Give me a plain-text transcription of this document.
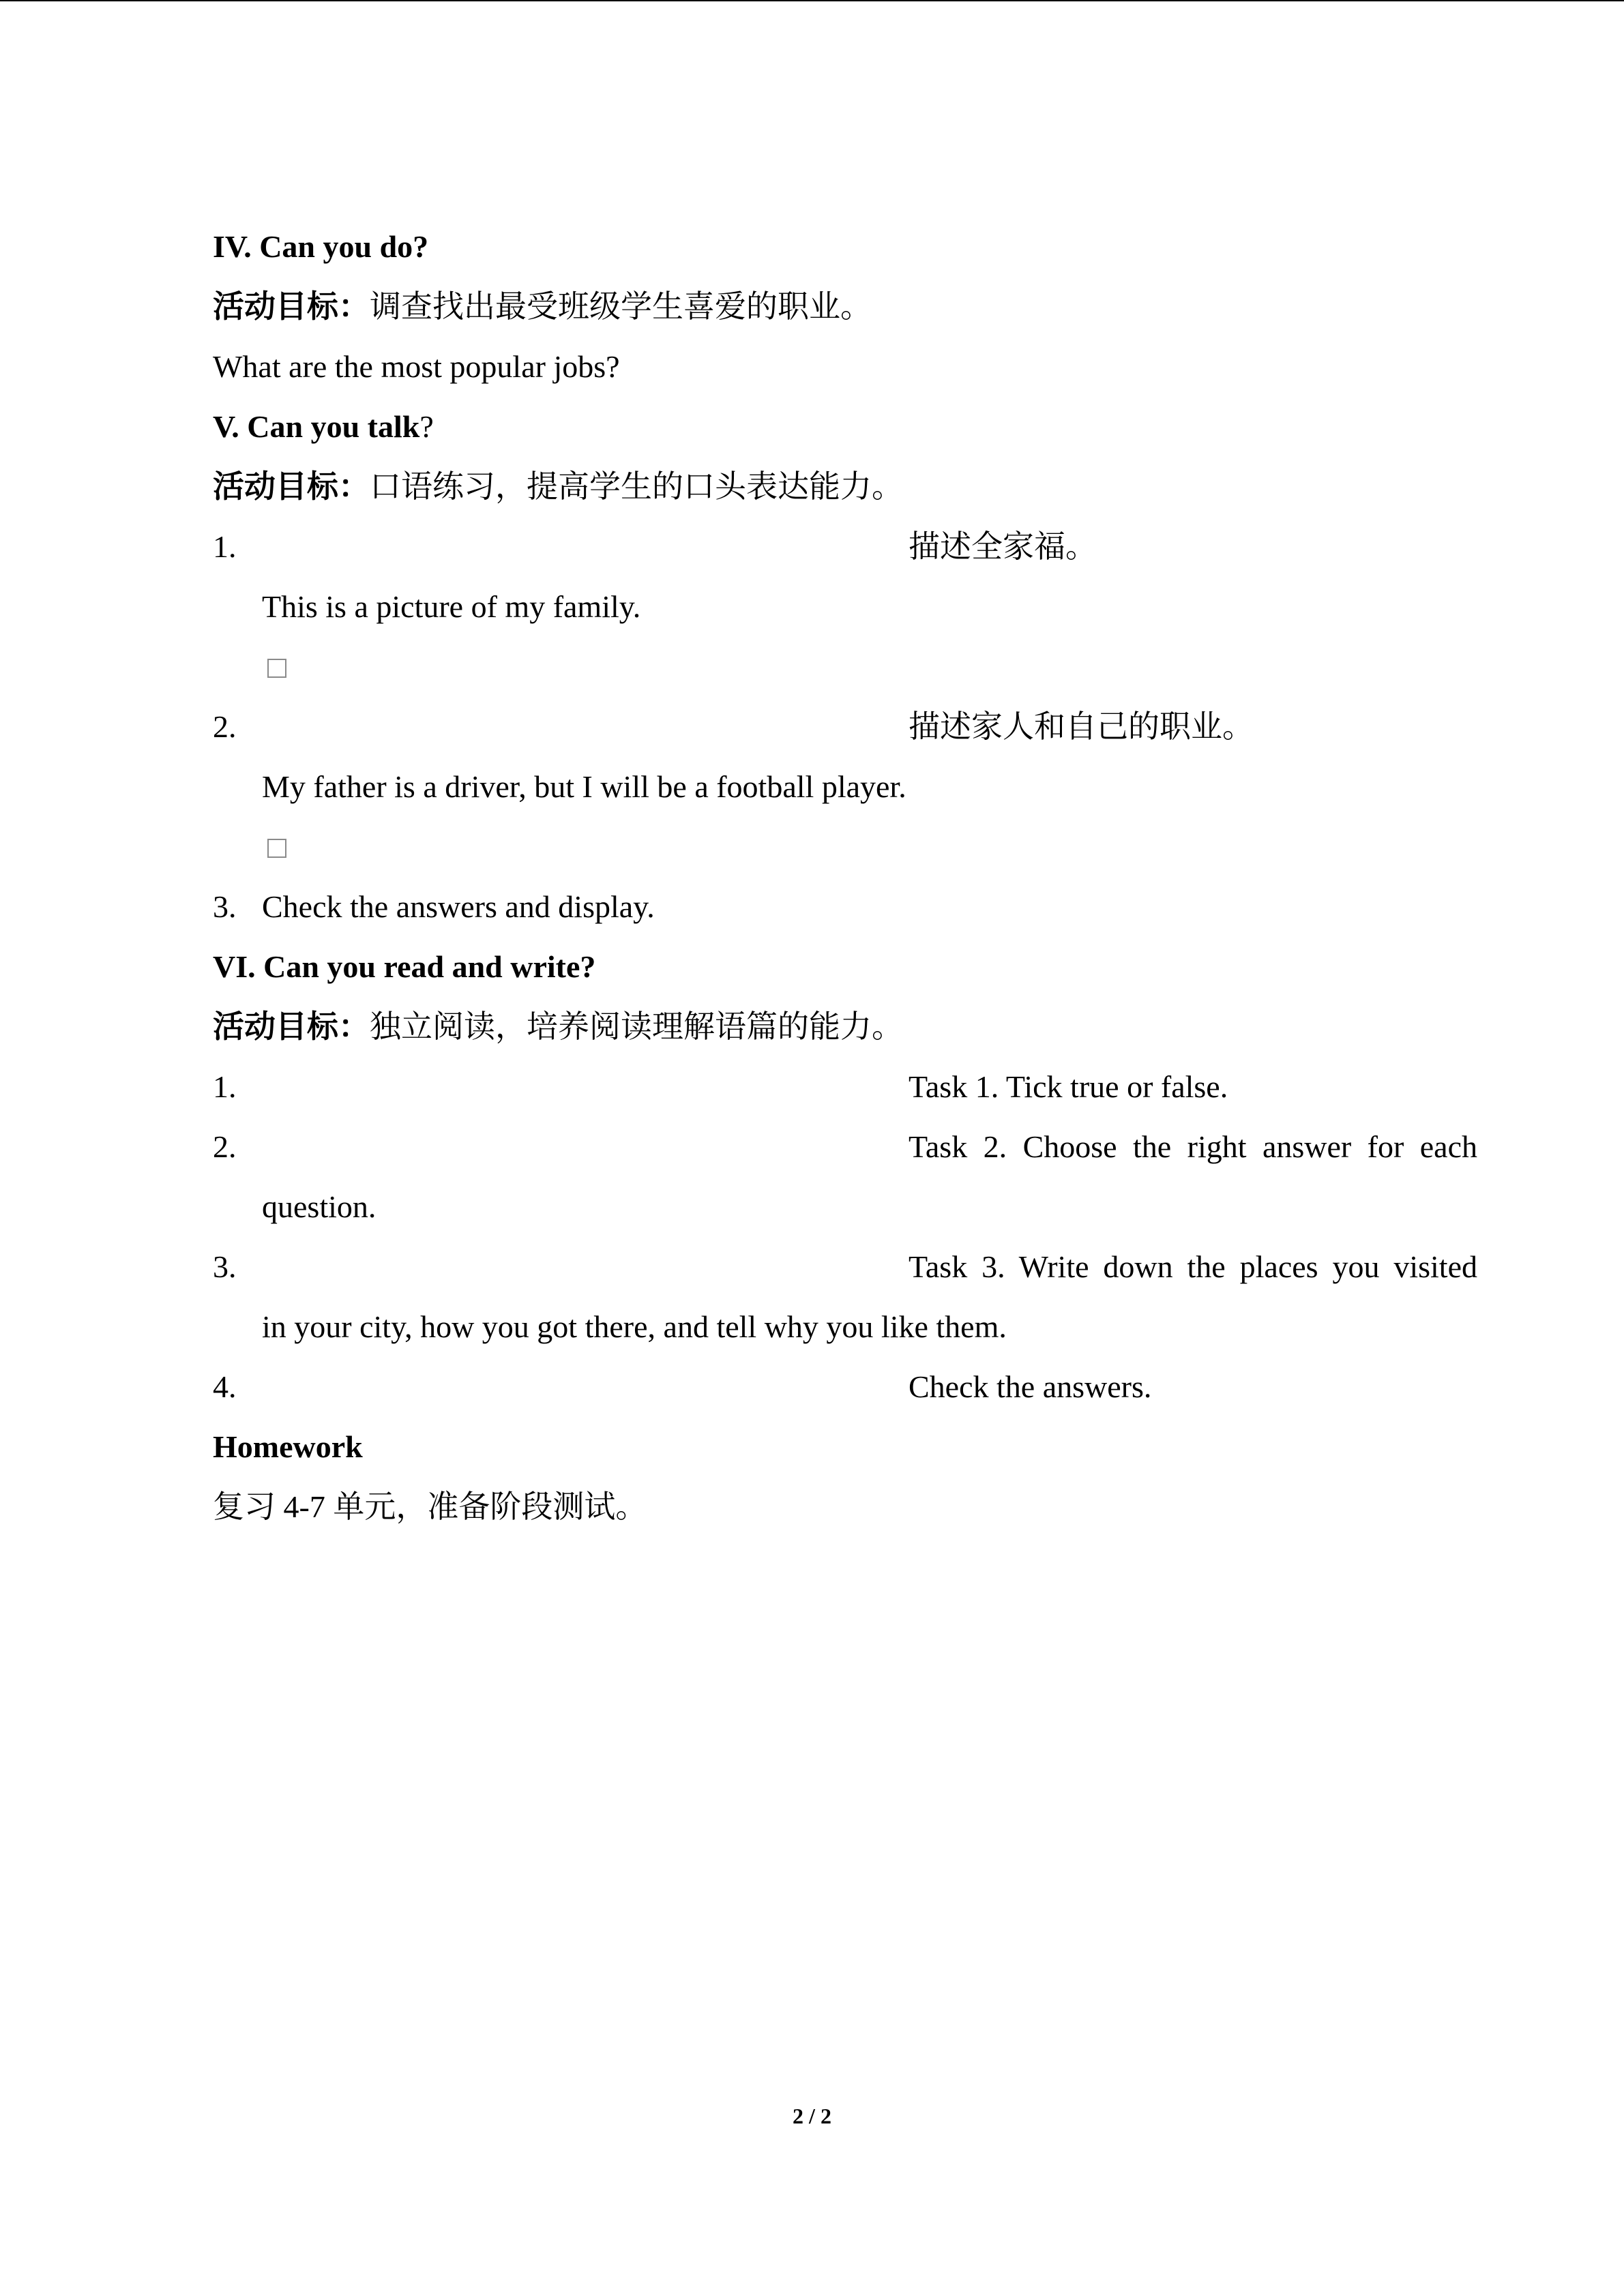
IV. Can you do?
活动目标：调查找出最受班级学生喜爱的职业。
What are the most popular jobs?
V. Can you talk?
活动目标：口语练习，提高学生的口头表达能力。
1.	描述全家福。
This is a picture of my family.
2.	描述家人和自己的职业。
My father is a driver, but I will be a football player.
3. Check the answers and display.
VI. Can you read and write?
活动目标：独立阅读，培养阅读理解语篇的能力。
1.	Task 1. Tick true or false.
2.	Task 2. Choose the right answer for each
question.
3.	Task 3. Write down the places you visited
in your city, how you got there, and tell why you like them.
4.	Check the answers.
Homework
复习 4-7 单元，准备阶段测试。
2 / 2
